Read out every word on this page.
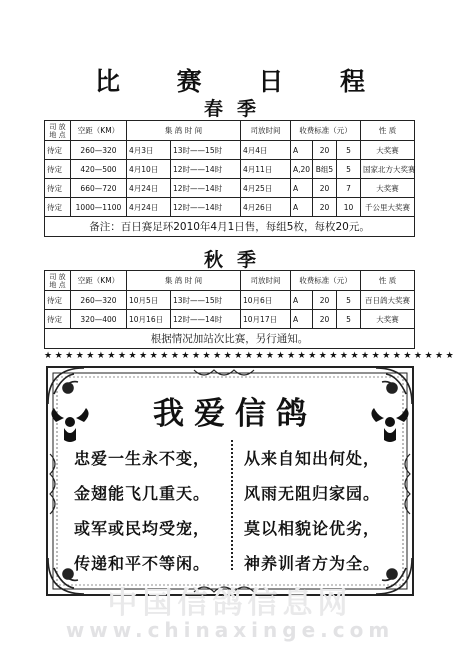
比 赛 日 程
春季
司 放
地 点	空距（KM）	集 鸽 时 间		司放时间	收费标准（元）			性 质
待定	260—320	4月3日	13时——15时	4月4日	A	20	5	大奖赛
待定	420—500	4月10日	12时——14时	4月11日	A,20	B组5	5	国家北方大奖赛
待定	660—720	4月24日	12时——14时	4月25日	A	20	7	大奖赛
待定	1000—1100	4月24日	12时——14时	4月26日	A	20	10	千公里大奖赛
备注：百日赛足环2010年4月1日售，每组5枚，每枚20元。								
秋季
司 放
地 点	空距（KM）	集 鸽 时 间		司放时间	收费标准（元）			性 质
待定	260—320	10月5日	13时——15时	10月6日	A	20	5	百日鸽大奖赛
待定	320—400	10月16日	12时——14时	10月17日	A	20	5	大奖赛
根据情况加站次比赛，另行通知。								
★★★★★★★★★★★★★★★★★★★★★★★★★★★★★★★★★★★★★★★
我爱信鸽
忠爱一生永不变，
金翅能飞几重天。
或军或民均受宠，
传递和平不等闲。
从来自知出何处，
风雨无阻归家园。
莫以相貌论优劣，
神养训者方为全。
中国信鸽信息网
www.chinaxinge.com
